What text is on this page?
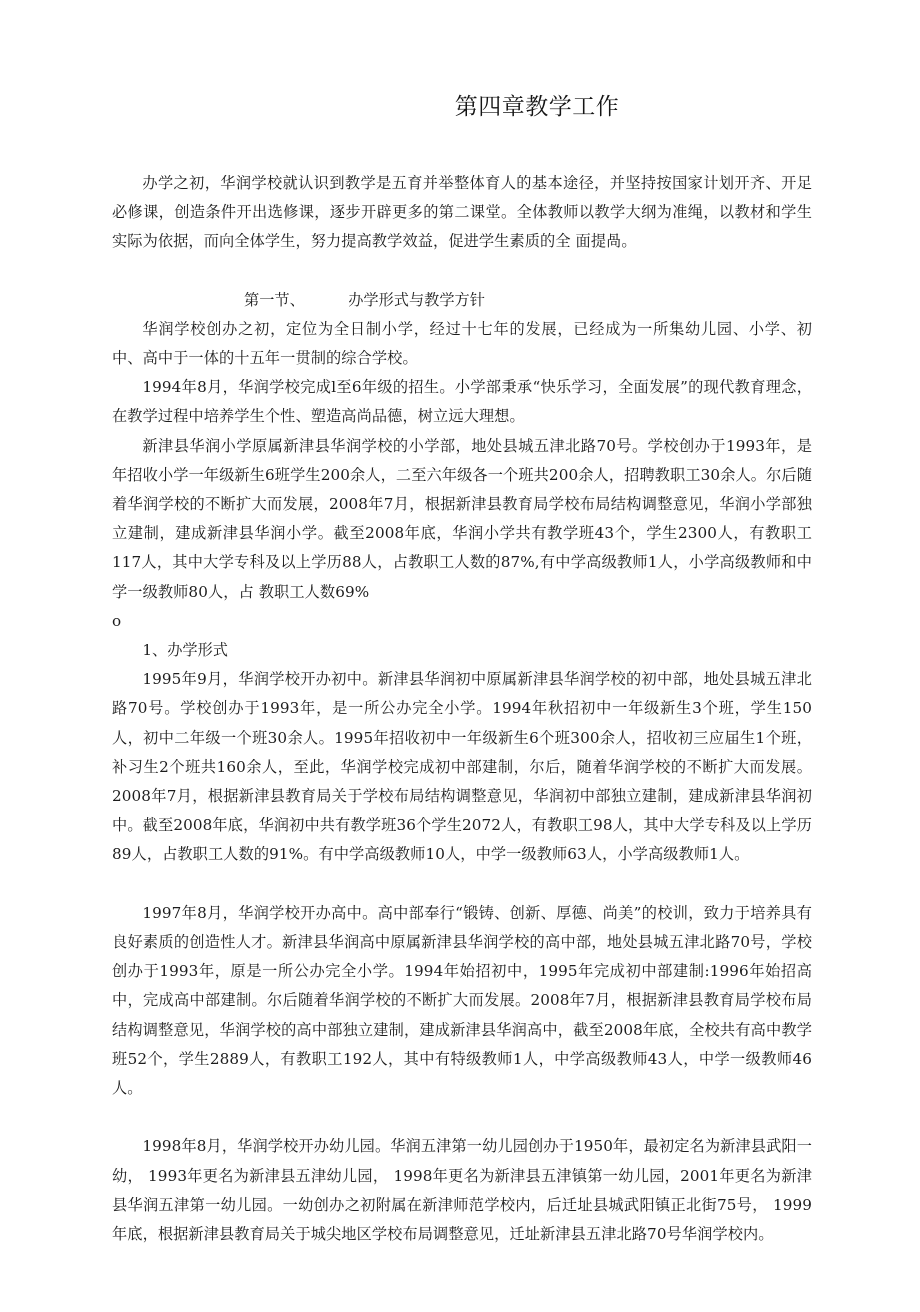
第四章教学工作

办学之初，华润学校就认识到教学是五育并举整体育人的基本途径，并坚持按国家计划开齐、开足必修课，创造条件开出选修课，逐步开辟更多的第二课堂。全体教师以教学大纲为准绳，以教材和学生实际为依据，而向全体学生，努力提高教学效益，促进学生素质的全 面提咼。

第一节、         办学形式与教学方针

华润学校创办之初，定位为全日制小学，经过十七年的发展，已经成为一所集幼儿园、小学、初中、高中于一体的十五年一贯制的综合学校。

1994年8月，华润学校完成l至6年级的招生。小学部秉承“快乐学习，全面发展”的现代教育理念，在教学过程中培养学生个性、塑造高尚品德，树立远大理想。

新津县华润小学原属新津县华润学校的小学部，地处县城五津北路70号。学校创办于1993年，是年招收小学一年级新生6班学生200余人，二至六年级各一个班共200余人，招聘教职工30余人。尔后随着华润学校的不断扩大而发展，2008年7月，根据新津县教育局学校布局结构调整意见，华润小学部独立建制，建成新津县华润小学。截至2008年底，华润小学共有教学班43个，学生2300人，有教职工117人，其中大学专科及以上学历88人，占教职工人数的87%,有中学高级教师1人，小学高级教师和中学一级教师80人，占 教职工人数69%

o

1、办学形式

1995年9月，华润学校开办初中。新津县华润初中原属新津县华润学校的初中部，地处县城五津北路70号。学校创办于1993年，是一所公办完全小学。1994年秋招初中一年级新生3个班，学生150人，初中二年级一个班30余人。1995年招收初中一年级新生6个班300余人，招收初三应届生1个班，补习生2个班共160余人，至此，华润学校完成初中部建制，尔后，随着华润学校的不断扩大而发展。2008年7月，根据新津县教育局关于学校布局结构调整意见，华润初中部独立建制，建成新津县华润初中。截至2008年底，华润初中共有教学班36个学生2072人，有教职工98人，其中大学专科及以上学历89人，占教职工人数的91%。有中学高级教师10人，中学一级教师63人，小学高级教师1人。

1997年8月，华润学校开办高中。高中部奉行“锻铸、创新、厚德、尚美”的校训，致力于培养具有良好素质的创造性人才。新津县华润高中原属新津县华润学校的高中部，地处县城五津北路70号，学校创办于1993年，原是一所公办完全小学。1994年始招初中，1995年完成初中部建制:1996年始招高中，完成高中部建制。尔后随着华润学校的不断扩大而发展。2008年7月，根据新津县教育局学校布局结构调整意见，华润学校的高中部独立建制，建成新津县华润高中，截至2008年底，全校共有高中教学班52个，学生2889人，有教职工192人，其中有特级教师1人，中学高级教师43人，中学一级教师46人。

1998年8月，华润学校开办幼儿园。华润五津第一幼儿园创办于1950年，最初定名为新津县武阳一幼， 1993年更名为新津县五津幼儿园， 1998年更名为新津县五津镇第一幼儿园，2001年更名为新津县华润五津第一幼儿园。一幼创办之初附属在新津师范学校内，后迁址县城武阳镇正北街75号， 1999年底，根据新津县教育局关于城尖地区学校布局调整意见，迁址新津县五津北路70号华润学校内。
